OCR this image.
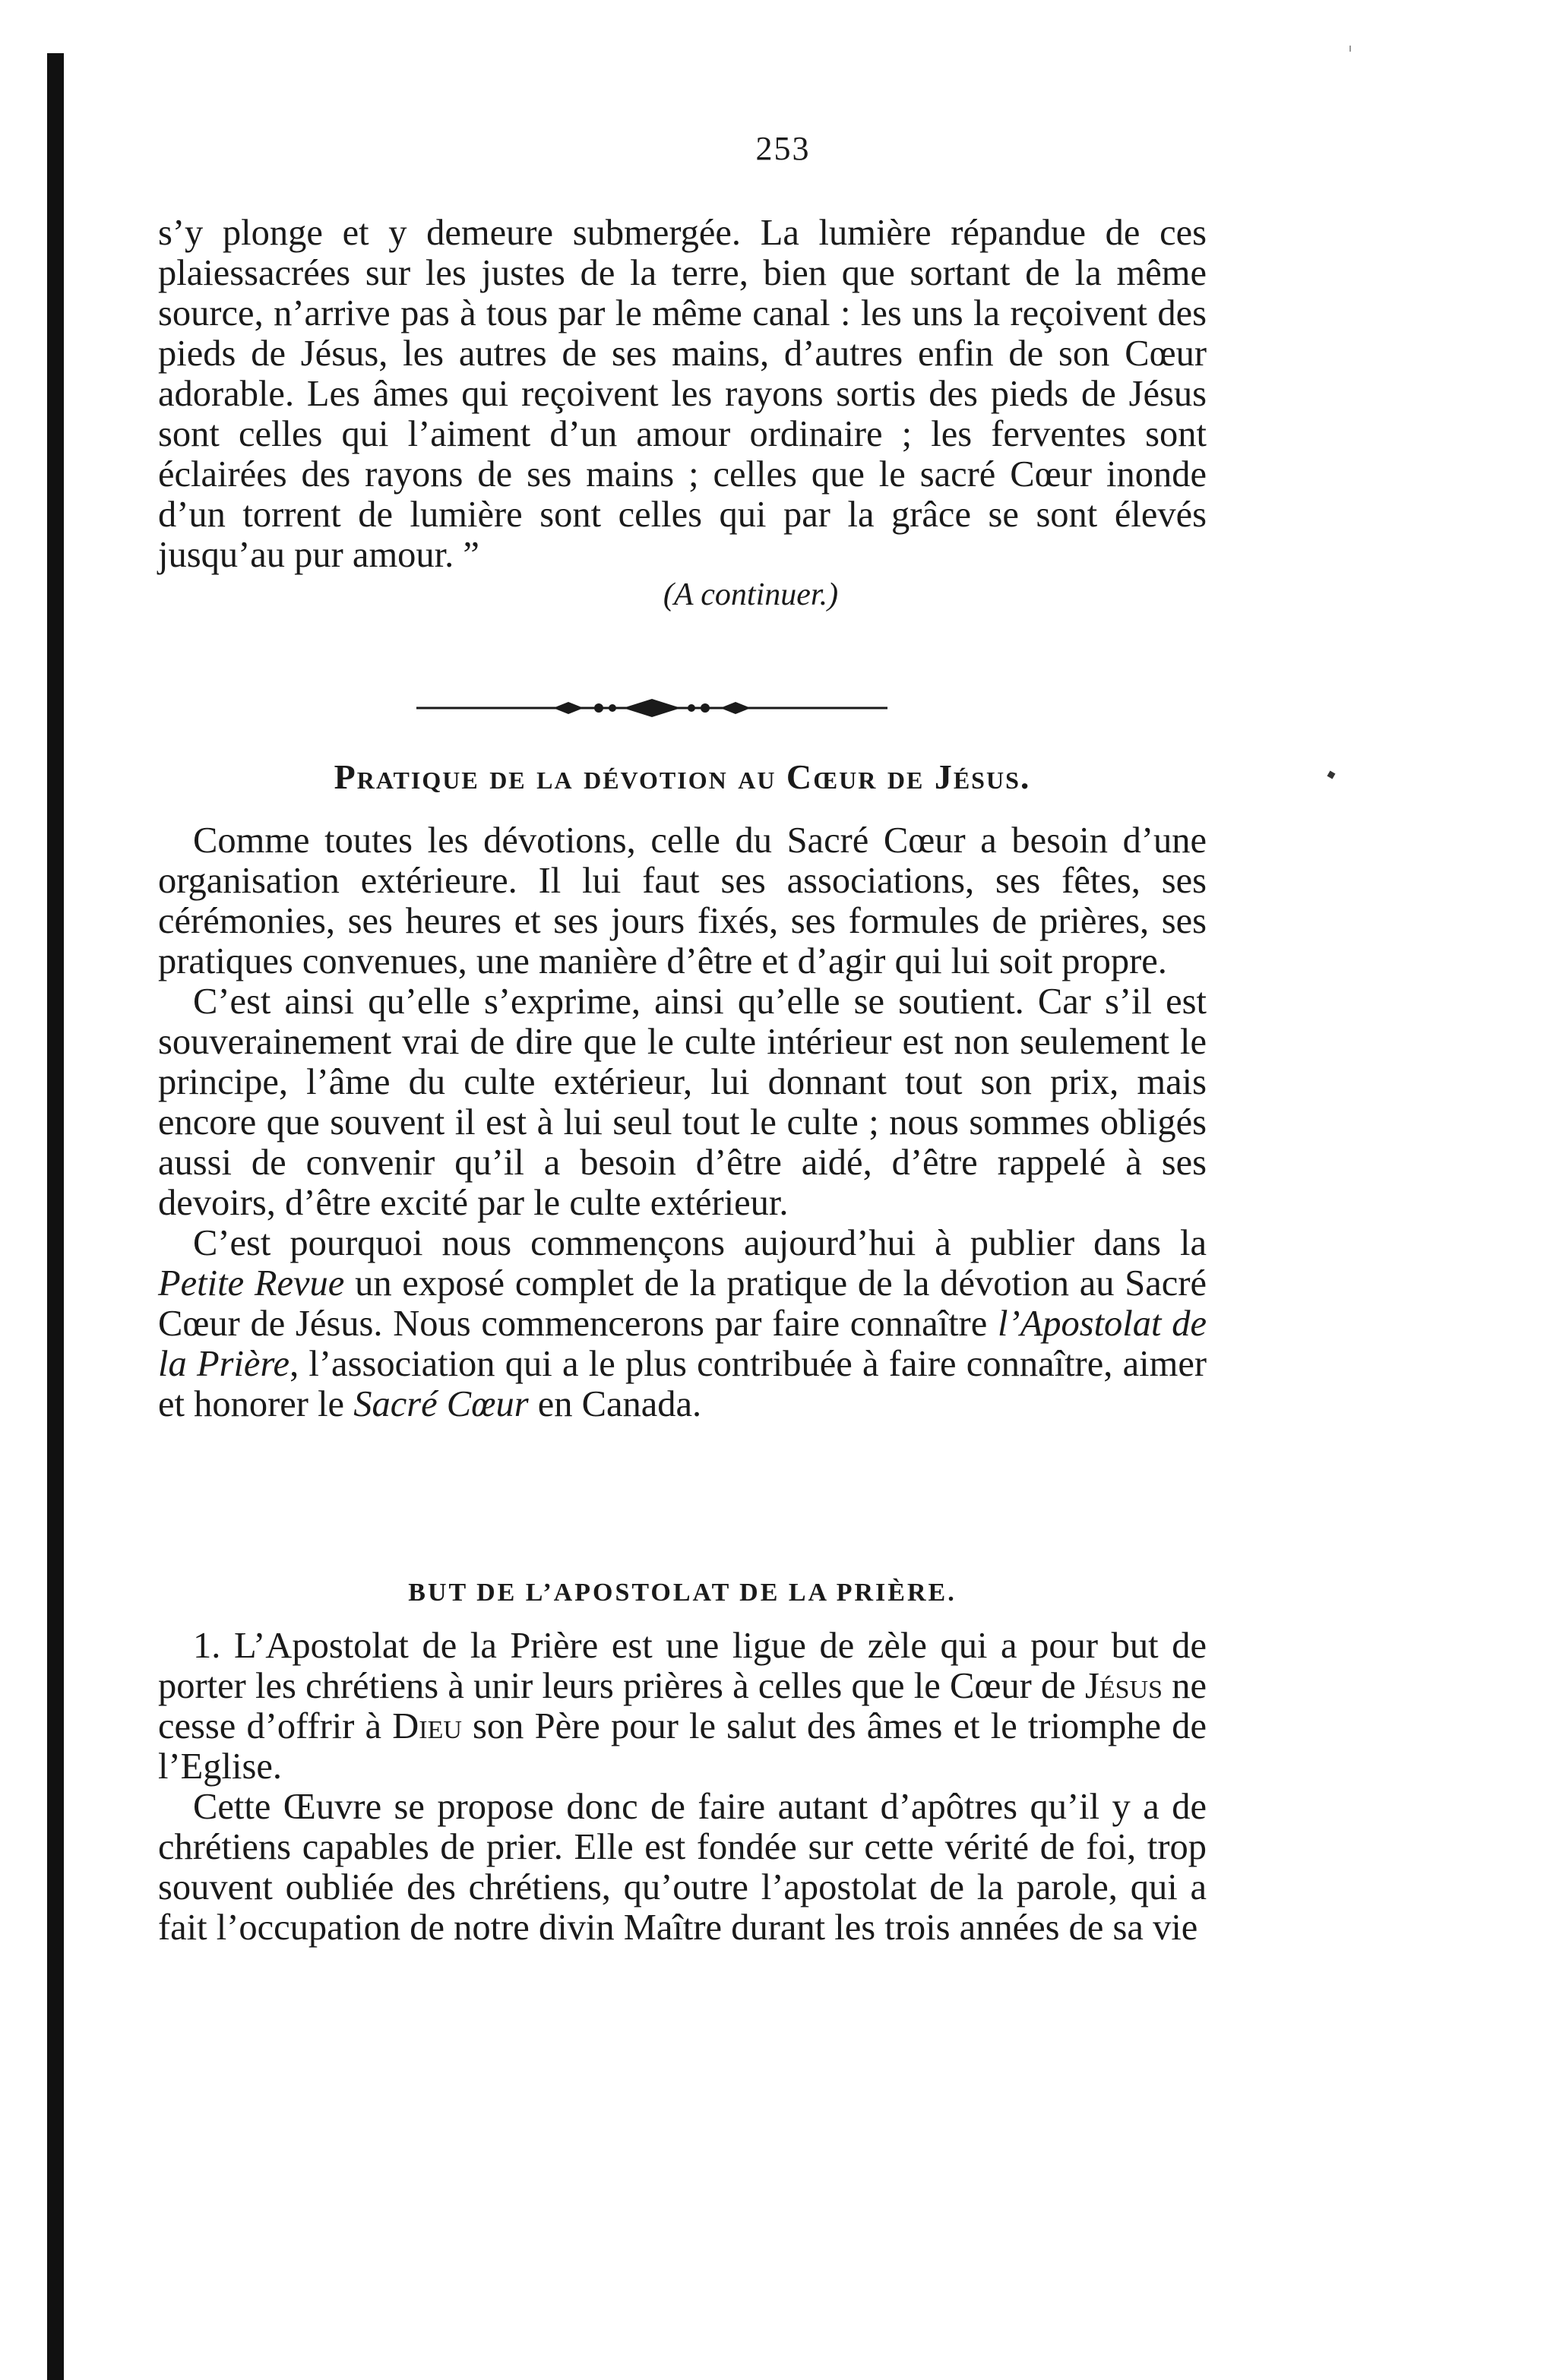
253

s’y plonge et y demeure submergée. La lumière répandue de ces plaiessacrées sur les justes de la terre, bien que sortant de la même source, n’arrive pas à tous par le même canal : les uns la reçoivent des pieds de Jésus, les autres de ses mains, d’autres enfin de son Cœur adorable. Les âmes qui reçoivent les rayons sortis des pieds de Jésus sont celles qui l’aiment d’un amour ordinaire ; les ferventes sont éclairées des rayons de ses mains ; celles que le sacré Cœur inonde d’un torrent de lumière sont celles qui par la grâce se sont élevés jusqu’au pur amour. ”

(A continuer.)

Pratique de la dévotion au Cœur de Jésus.

Comme toutes les dévotions, celle du Sacré Cœur a besoin d’une organisation extérieure. Il lui faut ses associations, ses fêtes, ses cérémonies, ses heures et ses jours fixés, ses formules de prières, ses pratiques convenues, une manière d’être et d’agir qui lui soit propre.

C’est ainsi qu’elle s’exprime, ainsi qu’elle se soutient. Car s’il est souverainement vrai de dire que le culte intérieur est non seulement le principe, l’âme du culte extérieur, lui donnant tout son prix, mais encore que souvent il est à lui seul tout le culte ; nous sommes obligés aussi de convenir qu’il a besoin d’être aidé, d’être rappelé à ses devoirs, d’être excité par le culte extérieur.

C’est pourquoi nous commençons aujourd’hui à publier dans la Petite Revue un exposé complet de la pratique de la dévotion au Sacré Cœur de Jésus. Nous commencerons par faire connaître l’Apostolat de la Prière, l’association qui a le plus contribuée à faire connaître, aimer et honorer le Sacré Cœur en Canada.

BUT DE L’APOSTOLAT DE LA PRIÈRE.

1. L’Apostolat de la Prière est une ligue de zèle qui a pour but de porter les chrétiens à unir leurs prières à celles que le Cœur de Jésus ne cesse d’offrir à Dieu son Père pour le salut des âmes et le triomphe de l’Eglise.

Cette Œuvre se propose donc de faire autant d’apôtres qu’il y a de chrétiens capables de prier. Elle est fondée sur cette vérité de foi, trop souvent oubliée des chrétiens, qu’outre l’apostolat de la parole, qui a fait l’occupation de notre divin Maître durant les trois années de sa vie
